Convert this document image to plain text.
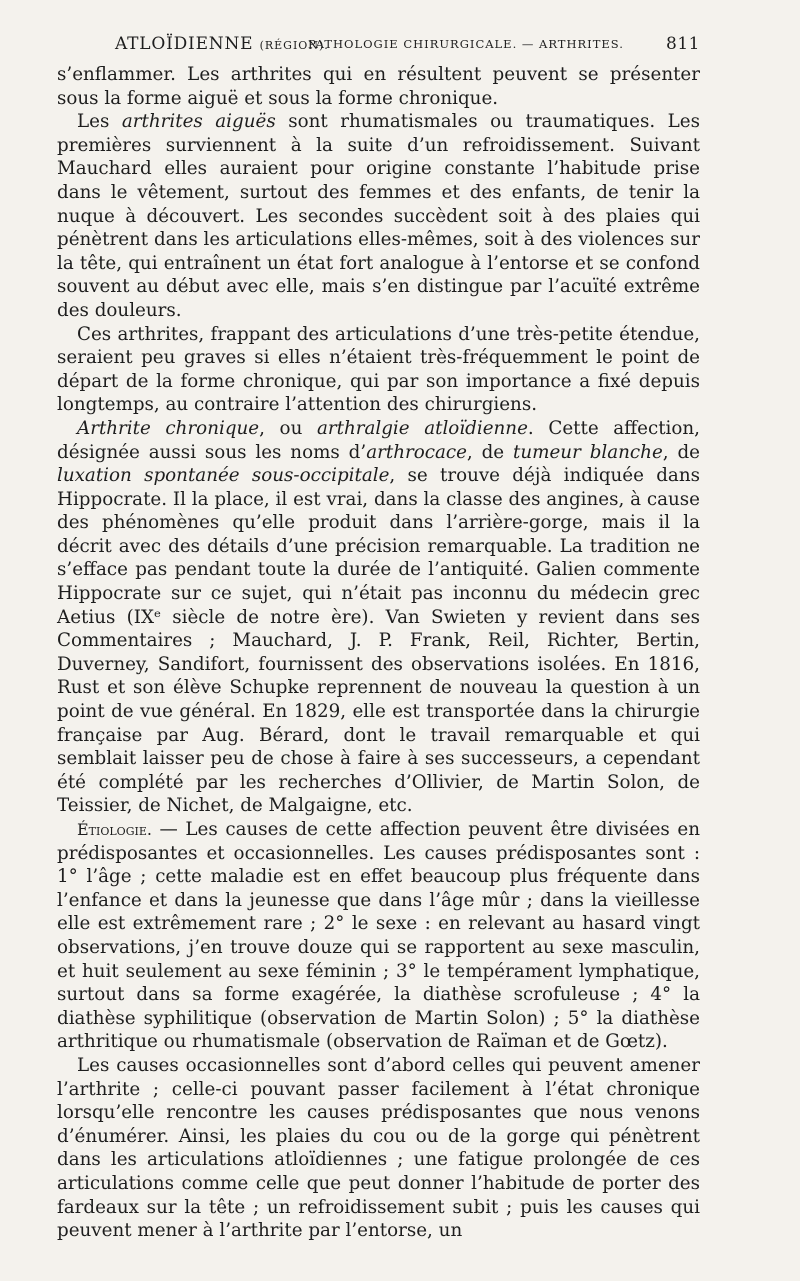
ATLOÏDIENNE (RÉGION).
PATHOLOGIE CHIRURGICALE. — ARTHRITES. 811

s’enflammer. Les arthrites qui en résultent peuvent se présenter sous la forme aiguë et sous la forme chronique.

Les arthrites aiguës sont rhumatismales ou traumatiques. Les premières surviennent à la suite d’un refroidissement. Suivant Mauchard elles auraient pour origine constante l’habitude prise dans le vêtement, surtout des femmes et des enfants, de tenir la nuque à découvert. Les secondes succèdent soit à des plaies qui pénètrent dans les articulations elles-mêmes, soit à des violences sur la tête, qui entraînent un état fort analogue à l’entorse et se confond souvent au début avec elle, mais s’en distingue par l’acuïté extrême des douleurs.

Ces arthrites, frappant des articulations d’une très-petite étendue, seraient peu graves si elles n’étaient très-fréquemment le point de départ de la forme chronique, qui par son importance a fixé depuis longtemps, au contraire l’attention des chirurgiens.

Arthrite chronique, ou arthralgie atloïdienne. Cette affection, désignée aussi sous les noms d’arthrocace, de tumeur blanche, de luxation spontanée sous-occipitale, se trouve déjà indiquée dans Hippocrate. Il la place, il est vrai, dans la classe des angines, à cause des phénomènes qu’elle produit dans l’arrière-gorge, mais il la décrit avec des détails d’une précision remarquable. La tradition ne s’efface pas pendant toute la durée de l’antiquité. Galien commente Hippocrate sur ce sujet, qui n’était pas inconnu du médecin grec Aetius (IXᵉ siècle de notre ère). Van Swieten y revient dans ses Commentaires ; Mauchard, J. P. Frank, Reil, Richter, Bertin, Duverney, Sandifort, fournissent des observations isolées. En 1816, Rust et son élève Schupke reprennent de nouveau la question à un point de vue général. En 1829, elle est transportée dans la chirurgie française par Aug. Bérard, dont le travail remarquable et qui semblait laisser peu de chose à faire à ses successeurs, a cependant été complété par les recherches d’Ollivier, de Martin Solon, de Teissier, de Nichet, de Malgaigne, etc.

Étiologie. — Les causes de cette affection peuvent être divisées en prédisposantes et occasionnelles. Les causes prédisposantes sont : 1° l’âge ; cette maladie est en effet beaucoup plus fréquente dans l’enfance et dans la jeunesse que dans l’âge mûr ; dans la vieillesse elle est extrêmement rare ; 2° le sexe : en relevant au hasard vingt observations, j’en trouve douze qui se rapportent au sexe masculin, et huit seulement au sexe féminin ; 3° le tempérament lymphatique, surtout dans sa forme exagérée, la diathèse scrofuleuse ; 4° la diathèse syphilitique (observation de Martin Solon) ; 5° la diathèse arthritique ou rhumatismale (observation de Raïman et de Gœtz).

Les causes occasionnelles sont d’abord celles qui peuvent amener l’arthrite ; celle-ci pouvant passer facilement à l’état chronique lorsqu’elle rencontre les causes prédisposantes que nous venons d’énumérer. Ainsi, les plaies du cou ou de la gorge qui pénètrent dans les articulations atloïdiennes ; une fatigue prolongée de ces articulations comme celle que peut donner l’habitude de porter des fardeaux sur la tête ; un refroidissement subit ; puis les causes qui peuvent mener à l’arthrite par l’entorse, un
